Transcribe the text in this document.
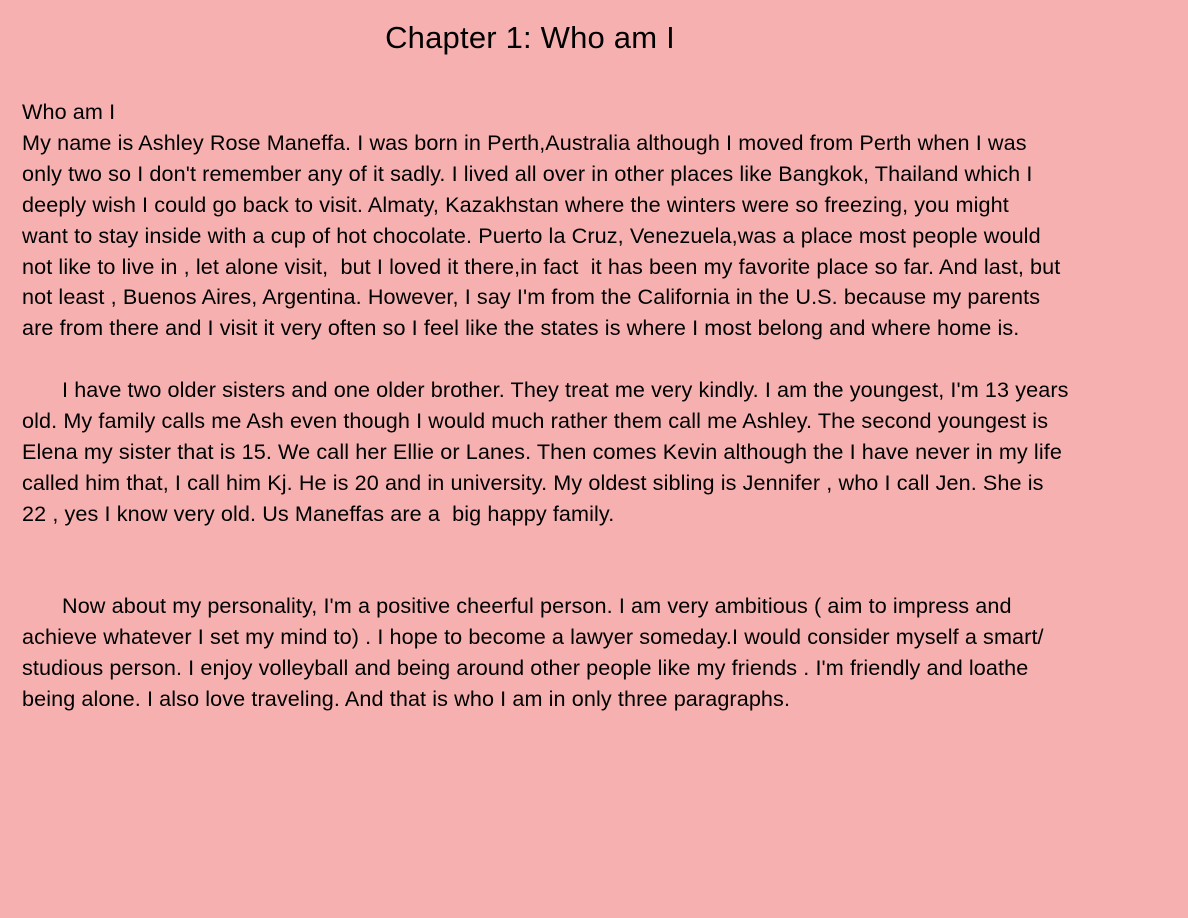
Chapter 1: Who am I

Who am I
My name is Ashley Rose Maneffa. I was born in Perth,Australia although I moved from Perth when I was
only two so I don't remember any of it sadly. I lived all over in other places like Bangkok, Thailand which I
deeply wish I could go back to visit. Almaty, Kazakhstan where the winters were so freezing, you might
want to stay inside with a cup of hot chocolate. Puerto la Cruz, Venezuela,was a place most people would
not like to live in , let alone visit,  but I loved it there,in fact  it has been my favorite place so far. And last, but
not least , Buenos Aires, Argentina. However, I say I'm from the California in the U.S. because my parents
are from there and I visit it very often so I feel like the states is where I most belong and where home is.

I have two older sisters and one older brother. They treat me very kindly. I am the youngest, I'm 13 years
old. My family calls me Ash even though I would much rather them call me Ashley. The second youngest is
Elena my sister that is 15. We call her Ellie or Lanes. Then comes Kevin although the I have never in my life
called him that, I call him Kj. He is 20 and in university. My oldest sibling is Jennifer , who I call Jen. She is
22 , yes I know very old. Us Maneffas are a  big happy family.

Now about my personality, I'm a positive cheerful person. I am very ambitious ( aim to impress and
achieve whatever I set my mind to) . I hope to become a lawyer someday.I would consider myself a smart/
studious person. I enjoy volleyball and being around other people like my friends . I'm friendly and loathe
being alone. I also love traveling. And that is who I am in only three paragraphs.
